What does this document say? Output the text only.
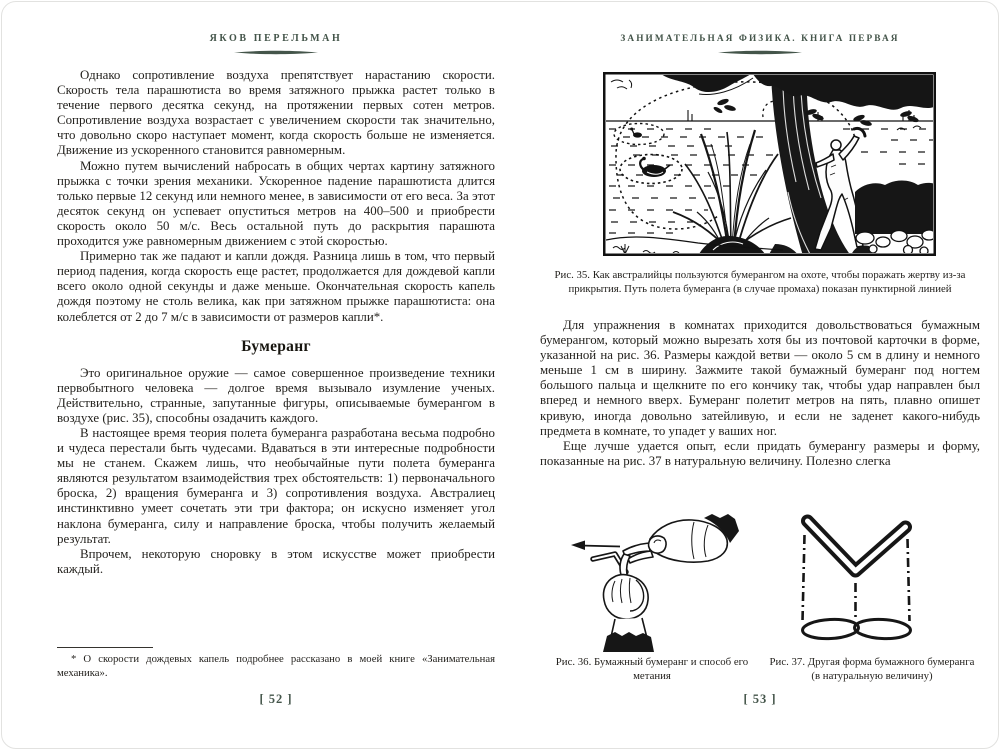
ЯКОВ ПЕРЕЛЬМАН

Однако сопротивление воздуха препятствует нарастанию скорости. Скорость тела парашютиста во время затяжного прыжка растет только в течение первого десятка секунд, на протяжении первых сотен метров. Сопротивление воздуха возрастает с увеличением скорости так значительно, что довольно скоро наступает момент, когда скорость больше не изменяется. Движение из ускоренного становится равномерным.

Можно путем вычислений набросать в общих чертах картину затяжного прыжка с точки зрения механики. Ускоренное падение парашютиста длится только первые 12 секунд или немного менее, в зависимости от его веса. За этот десяток секунд он успевает опуститься метров на 400–500 и приобрести скорость около 50 м/с. Весь остальной путь до раскрытия парашюта проходится уже равномерным движением с этой скоростью.

Примерно так же падают и капли дождя. Разница лишь в том, что первый период падения, когда скорость еще растет, продолжается для дождевой капли всего около одной секунды и даже меньше. Окончательная скорость капель дождя поэтому не столь велика, как при затяжном прыжке парашютиста: она колеблется от 2 до 7 м/с в зависимости от размеров капли*.

Бумеранг

Это оригинальное оружие — самое совершенное произведение техники первобытного человека — долгое время вызывало изумление ученых. Действительно, странные, запутанные фигуры, описываемые бумерангом в воздухе (рис. 35), способны озадачить каждого.

В настоящее время теория полета бумеранга разработана весьма подробно и чудеса перестали быть чудесами. Вдаваться в эти интересные подробности мы не станем. Скажем лишь, что необычайные пути полета бумеранга являются результатом взаимодействия трех обстоятельств: 1) первоначального броска, 2) вращения бумеранга и 3) сопротивления воздуха. Австралиец инстинктивно умеет сочетать эти три фактора; он искусно изменяет угол наклона бумеранга, силу и направление броска, чтобы получить желаемый результат.

Впрочем, некоторую сноровку в этом искусстве может приобрести каждый.

* О скорости дождевых капель подробнее рассказано в моей книге «Занимательная механика».

[ 52 ]
ЗАНИМАТЕЛЬНАЯ ФИЗИКА. КНИГА ПЕРВАЯ
Рис. 35. Как австралийцы пользуются бумерангом на охоте, чтобы поражать жертву из-за прикрытия. Путь полета бумеранга (в случае промаха) показан пунктирной линией

Для упражнения в комнатах приходится довольствоваться бумажным бумерангом, который можно вырезать хотя бы из почтовой карточки в форме, указанной на рис. 36. Размеры каждой ветви — около 5 см в длину и немного меньше 1 см в ширину. Зажмите такой бумажный бумеранг под ногтем большого пальца и щелкните по его кончику так, чтобы удар направлен был вперед и немного вверх. Бумеранг полетит метров на пять, плавно опишет кривую, иногда довольно затейливую, и если не заденет какого-нибудь предмета в комнате, то упадет у ваших ног.

Еще лучше удается опыт, если придать бумерангу размеры и форму, показанные на рис. 37 в натуральную величину. Полезно слегка

Рис. 36. Бумажный бумеранг и способ его метания
Рис. 37. Другая форма бумажного бумеранга (в натуральную величину)
[ 53 ]
